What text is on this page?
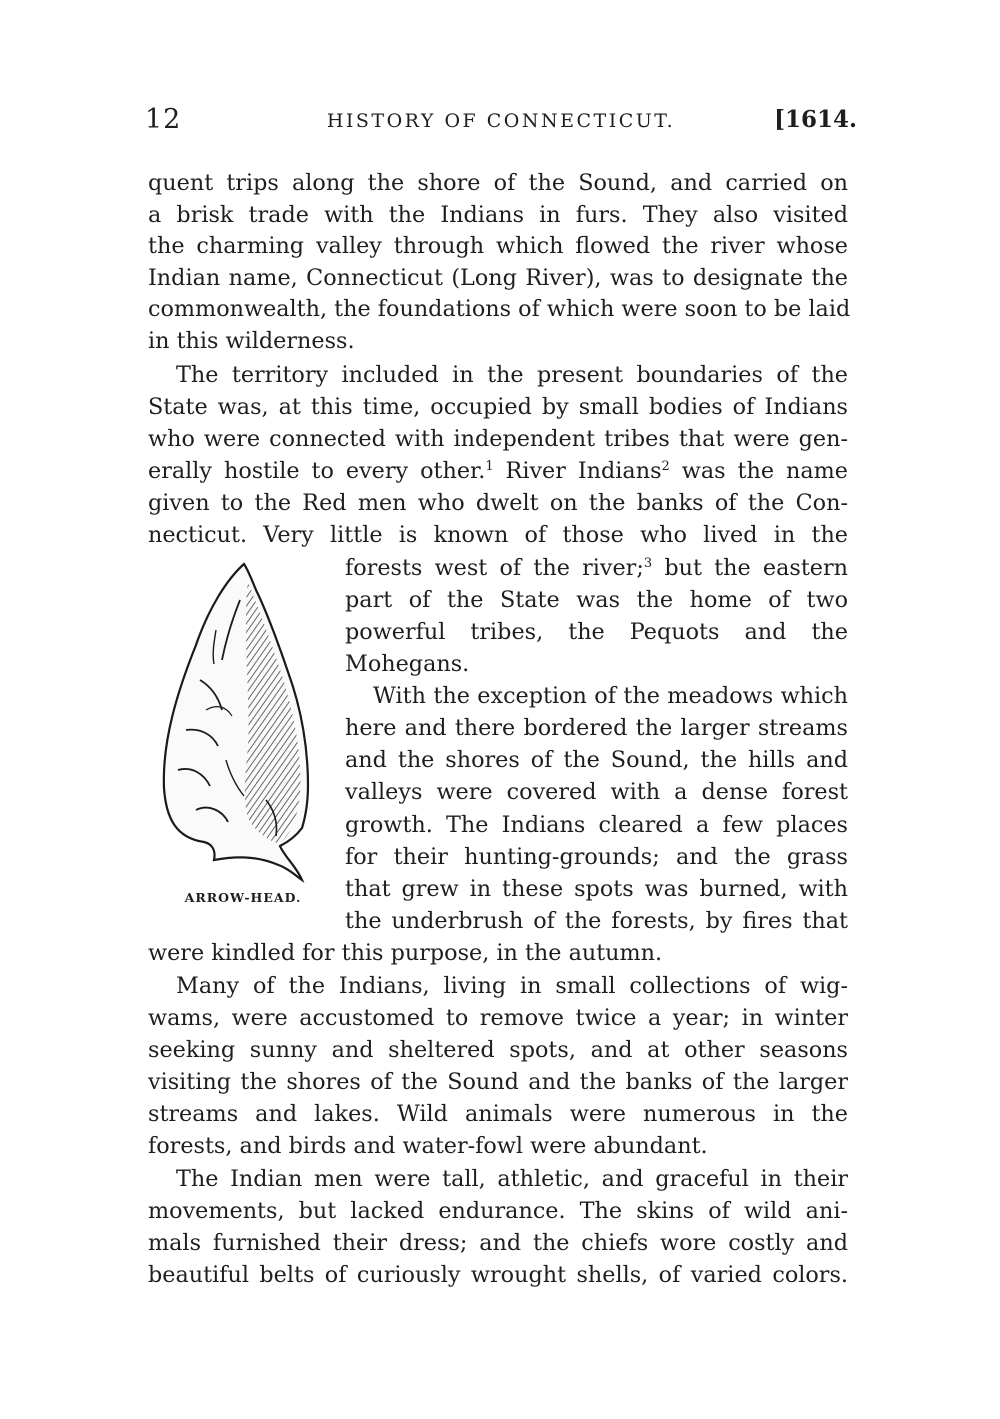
12	HISTORY OF CONNECTICUT.	[1614.
quent trips along the shore of the Sound, and carried on
a brisk trade with the Indians in furs. They also visited
the charming valley through which flowed the river whose
Indian name, Connecticut (Long River), was to designate the
commonwealth, the foundations of which were soon to be laid
in this wilderness.
The territory included in the present boundaries of the
State was, at this time, occupied by small bodies of Indians
who were connected with independent tribes that were gen-
erally hostile to every other.$^1$ River Indians$^2$ was the name
given to the Red men who dwelt on the banks of the Con-
necticut. Very little is known of those who lived in the
forests west of the river;$^3$ but the eastern
part of the State was the home of two
powerful tribes, the Pequots and the
Mohegans.
With the exception of the meadows which
here and there bordered the larger streams
and the shores of the Sound, the hills and
valleys were covered with a dense forest
growth. The Indians cleared a few places
for their hunting-grounds; and the grass
that grew in these spots was burned, with
the underbrush of the forests, by fires that
were kindled for this purpose, in the autumn.
Many of the Indians, living in small collections of wig-
wams, were accustomed to remove twice a year; in winter
seeking sunny and sheltered spots, and at other seasons
visiting the shores of the Sound and the banks of the larger
streams and lakes. Wild animals were numerous in the
forests, and birds and water-fowl were abundant.
The Indian men were tall, athletic, and graceful in their
movements, but lacked endurance. The skins of wild ani-
mals furnished their dress; and the chiefs wore costly and
beautiful belts of curiously wrought shells, of varied colors.
ARROW-HEAD.
